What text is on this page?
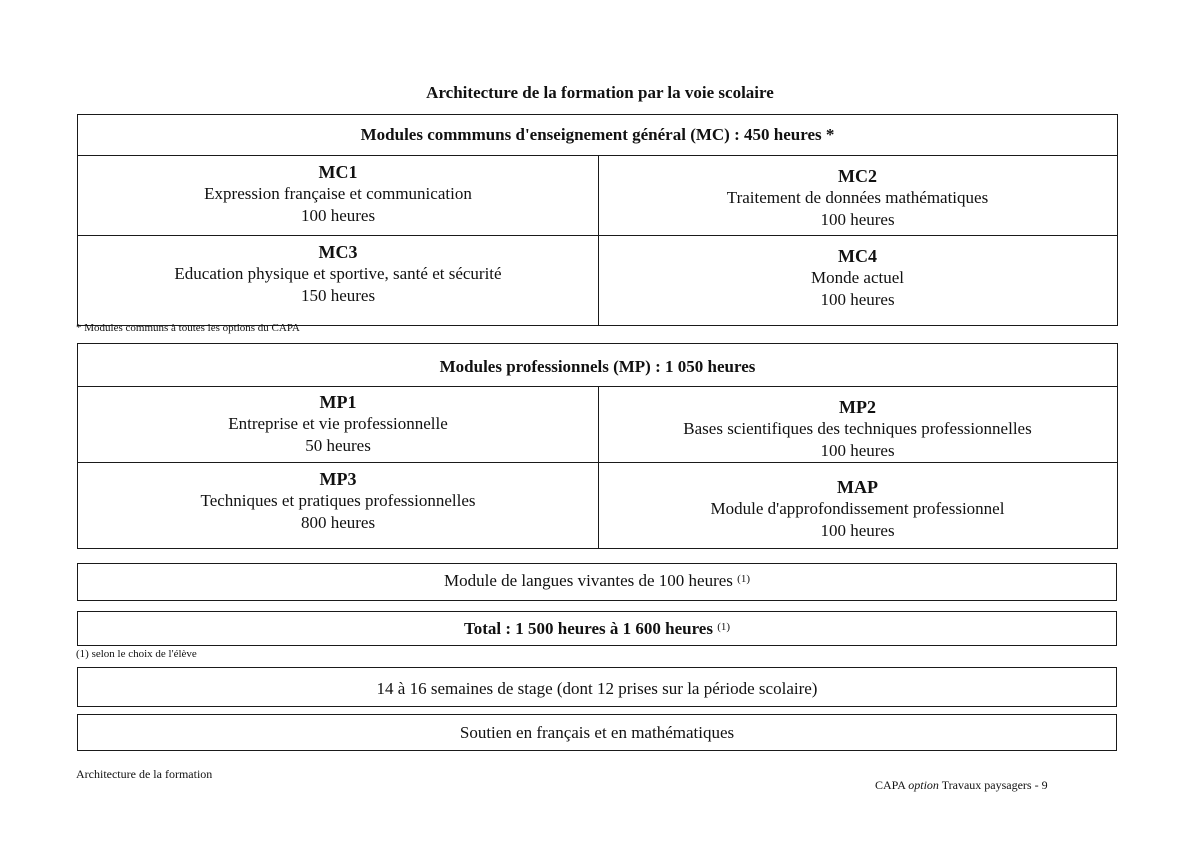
Architecture de la formation par la voie scolaire
Modules commmuns d'enseignement général (MC) : 450 heures *
MC1
Expression française et communication
100 heures
MC2
Traitement de données mathématiques
100 heures
MC3
Education physique et sportive, santé et sécurité
150 heures
MC4
Monde actuel
100 heures
* Modules communs à toutes les options du CAPA
Modules professionnels (MP) : 1 050 heures
MP1
Entreprise et vie professionnelle
50 heures
MP2
Bases scientifiques des techniques professionnelles
100 heures
MP3
Techniques et pratiques professionnelles
800 heures
MAP
Module d'approfondissement professionnel
100 heures
Module de langues vivantes de 100 heures $^{(1)}$
Total : 1 500 heures à 1 600 heures $^{(1)}$
(1) selon le choix de l'élève
14 à 16 semaines de stage (dont 12 prises sur la période scolaire)
Soutien en français et en mathématiques
Architecture de la formation
CAPA option Travaux paysagers - 9
